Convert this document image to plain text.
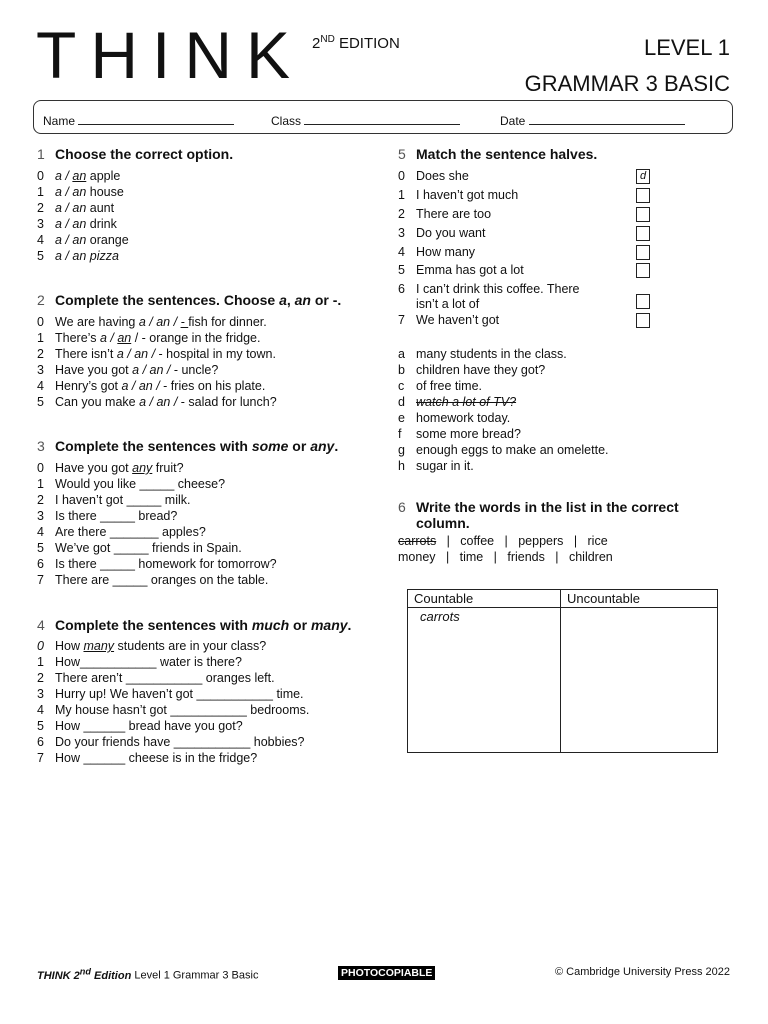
THINK 2ND EDITION	LEVEL 1
GRAMMAR 3 BASIC
Name	Class	Date
1 Choose the correct option.
0 a / an apple
1 a / an house
2 a / an aunt
3 a / an drink
4 a / an orange
5 a / an pizza
2 Complete the sentences. Choose a, an or -.
0 We are having a / an / - fish for dinner.
1 There’s a / an / - orange in the fridge.
2 There isn’t a / an / - hospital in my town.
3 Have you got a / an / - uncle?
4 Henry’s got a / an / - fries on his plate.
5 Can you make a / an / - salad for lunch?
3 Complete the sentences with some or any.
0 Have you got any fruit?
1 Would you like _____ cheese?
2 I haven’t got _____ milk.
3 Is there _____ bread?
4 Are there _______ apples?
5 We’ve got _____ friends in Spain.
6 Is there _____ homework for tomorrow?
7 There are _____ oranges on the table.
4 Complete the sentences with much or many.
0 How many students are in your class?
1 How___________ water is there?
2 There aren’t ___________ oranges left.
3 Hurry up! We haven’t got ___________ time.
4 My house hasn’t got ___________ bedrooms.
5 How ______ bread have you got?
6 Do your friends have ___________ hobbies?
7 How ______ cheese is in the fridge?
5 Match the sentence halves.
0 Does she	d
1 I haven’t got much
2 There are too
3 Do you want
4 How many
5 Emma has got a lot
6 I can’t drink this coffee. There
isn’t a lot of
7 We haven’t got
a many students in the class.
b children have they got?
c of free time.
d watch a lot of TV?
e homework today.
f some more bread?
g enough eggs to make an omelette.
h sugar in it.
6 Write the words in the list in the correct
column.
carrots   |   coffee   |   peppers   |   rice
money   |   time   |   friends   |   children
Countable	Uncountable
carrots	
THINK 2nd Edition Level 1 Grammar 3 Basic	PHOTOCOPIABLE	© Cambridge University Press 2022
